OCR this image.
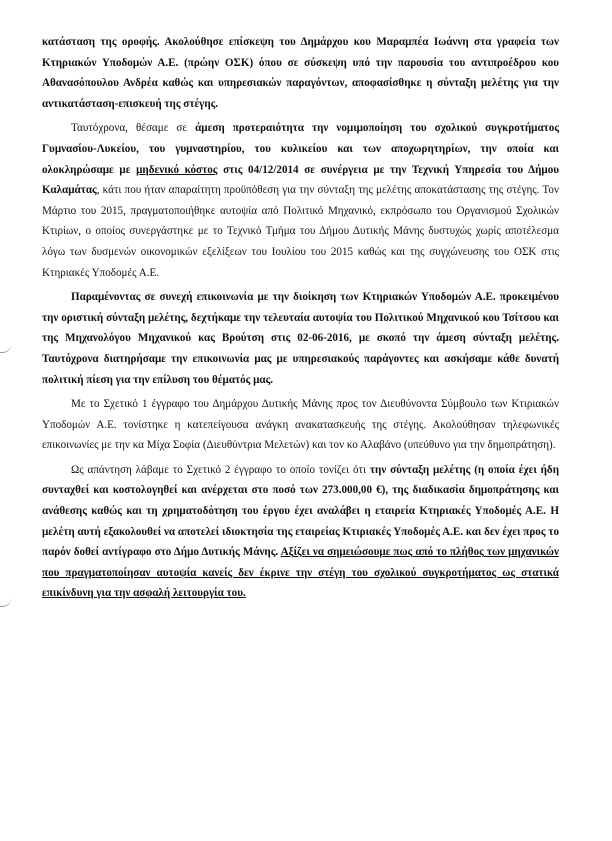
κατάσταση της οροφής. Ακολούθησε επίσκεψη του Δημάρχου κου Μαραμπέα Ιωάννη στα γραφεία των Κτηριακών Υποδομών Α.Ε. (πρώην ΟΣΚ) όπου σε σύσκεψη υπό την παρουσία του αντιπροέδρου κου Αθανασόπουλου Ανδρέα καθώς και υπηρεσιακών παραγόντων, αποφασίσθηκε η σύνταξη μελέτης για την αντικατάσταση-επισκευή της στέγης.

Ταυτόχρονα, θέσαμε σε άμεση προτεραιότητα την νομιμοποίηση του σχολικού συγκροτήματος Γυμνασίου-Λυκείου, του γυμναστηρίου, του κυλικείου και των αποχωρητηρίων, την οποία και ολοκληρώσαμε με μηδενικό κόστος στις 04/12/2014 σε συνέργεια με την Τεχνική Υπηρεσία του Δήμου Καλαμάτας, κάτι που ήταν απαραίτητη προϋπόθεση για την σύνταξη της μελέτης αποκατάστασης της στέγης. Τον Μάρτιο του 2015, πραγματοποιήθηκε αυτοψία από Πολιτικό Μηχανικό, εκπρόσωπο του Οργανισμού Σχολικών Κτιρίων, ο οποίος συνεργάστηκε με το Τεχνικό Τμήμα του Δήμου Δυτικής Μάνης δυστυχώς χωρίς αποτέλεσμα λόγω των δυσμενών οικονομικών εξελίξεων του Ιουλίου του 2015 καθώς και της συγχώνευσης του ΟΣΚ στις Κτηριακές Υποδομές Α.Ε.

Παραμένοντας σε συνεχή επικοινωνία με την διοίκηση των Κτηριακών Υποδομών Α.Ε. προκειμένου την οριστική σύνταξη μελέτης, δεχτήκαμε την τελευταία αυτοψία του Πολιτικού Μηχανικού κου Τσίτσου και της Μηχανολόγου Μηχανικού κας Βρούτση στις 02-06-2016, με σκοπό την άμεση σύνταξη μελέτης. Ταυτόχρονα διατηρήσαμε την επικοινωνία μας με υπηρεσιακούς παράγοντες και ασκήσαμε κάθε δυνατή πολιτική πίεση για την επίλυση του θέματός μας.

Με το Σχετικό 1 έγγραφο του Δημάρχου Δυτικής Μάνης προς τον Διευθύνοντα Σύμβουλο των Κτιριακών Υποδομών Α.Ε. τονίστηκε η κατεπείγουσα ανάγκη ανακατασκευής της στέγης. Ακολούθησαν τηλεφωνικές επικοινωνίες με την κα Μίχα Σοφία (Διευθύντρια Μελετών) και τον κο Αλαβάνο (υπεύθυνο για την δημοπράτηση).

Ως απάντηση λάβαμε το Σχετικό 2 έγγραφο το οποίο τονίζει ότι την σύνταξη μελέτης (η οποία έχει ήδη συνταχθεί και κοστολογηθεί και ανέρχεται στο ποσό των 273.000,00 €), της διαδικασία δημοπράτησης και ανάθεσης καθώς και τη χρηματοδότηση του έργου έχει αναλάβει η εταιρεία Κτηριακές Υποδομές Α.Ε. Η μελέτη αυτή εξακολουθεί να αποτελεί ιδιοκτησία της εταιρείας Κτιριακές Υποδομές Α.Ε. και δεν έχει προς το παρόν δοθεί αντίγραφο στο Δήμο Δυτικής Μάνης. Αξίζει να σημειώσουμε πως από το πλήθος των μηχανικών που πραγματοποίησαν αυτοψία κανείς δεν έκρινε την στέγη του σχολικού συγκροτήματος ως στατικά επικίνδυνη για την ασφαλή λειτουργία του.
